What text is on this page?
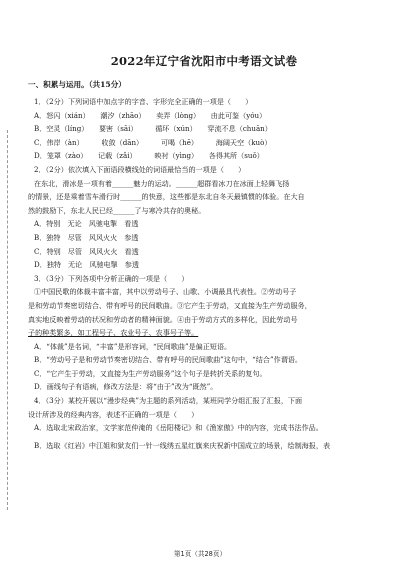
2022年辽宁省沈阳市中考语文试卷
一、积累与运用。（共15分）
1．（2分）下列词语中加点字的字音、字形完全正确的一项是（　　）
A．怒闪（xián）　　潮汐（zhāo）　　卖弄（lòng）　　由此可鉴（yóu）
B．空灵（líng）　　要害（sāi）　　　循环（xún）　　穿流不息（chuān）
C．伟岸（àn）　　　收敛（dān）　　　可喝（hē）　　　海阔天空（kuò）
D．笼罩（zào）　　记载（zǎi）　　　映衬（yìng）　　各得其所（suǒ）
2．（2分）依次填入下面语段横线处的词语最恰当的一项是（　　）
在东北，滑冰是一项有着______魅力的运动。______超群看冰刀在冰面上轻舞飞扬
的情景，还是乘着雪车滑行时______的快意，这些都是东北自冬天最镇惯的体验。在大自
然的鼓励下，东北人民已经______了与寒冷共存的奥秘。
A．特别　无论　风驰电掣　看透
B．独特　尽管　风风火火　参透
C．特别　尽管　风风火火　看透
D．独特　无论　风驰电掣　参透
3．（3分）下列各项中分析正确的一项是（　　）
①中国民歌的体裁丰富丰富，其中以劳动号子、山歌、小调最具代表性。②劳动号子
是和劳动节奏密切结合、带有呼号的民间歌曲。③它产生于劳动，又直接为生产劳动服务，
真实地反映着劳动的状况和劳动者的精神面貌。④由于劳动方式的多样化，因此劳动号
子的种类繁多，如工程号子、农业号子、农事号子等。
A．“体裁”是名词，“丰富”是形容词，“民间歌曲”是偏正短语。
B．“劳动号子是和劳动节奏密切结合、带有呼号的民间歌曲”这句中，“结合”作谓语。
C．“它产生于劳动，又直接为生产劳动服务”这个句子是转折关系的复句。
D．画线句子有语病，修改方法是：将“由于”改为“既然”。
4．（3分）某校开展以“漫步经典”为主题的系列活动，某班同学分组汇报了汇报，下面
设计所涉及的经典内容，表述不正确的一项是（　　）
A．选取北宋政治家，文学家范仲淹的《岳阳楼记》和《渔家傲》中的内容，完成书法作品。
B．选取《红岩》中江姐和狱友们一针一线绣五星红旗来庆祝新中国成立的场景，绘制海报，表
第1页（共28页）
